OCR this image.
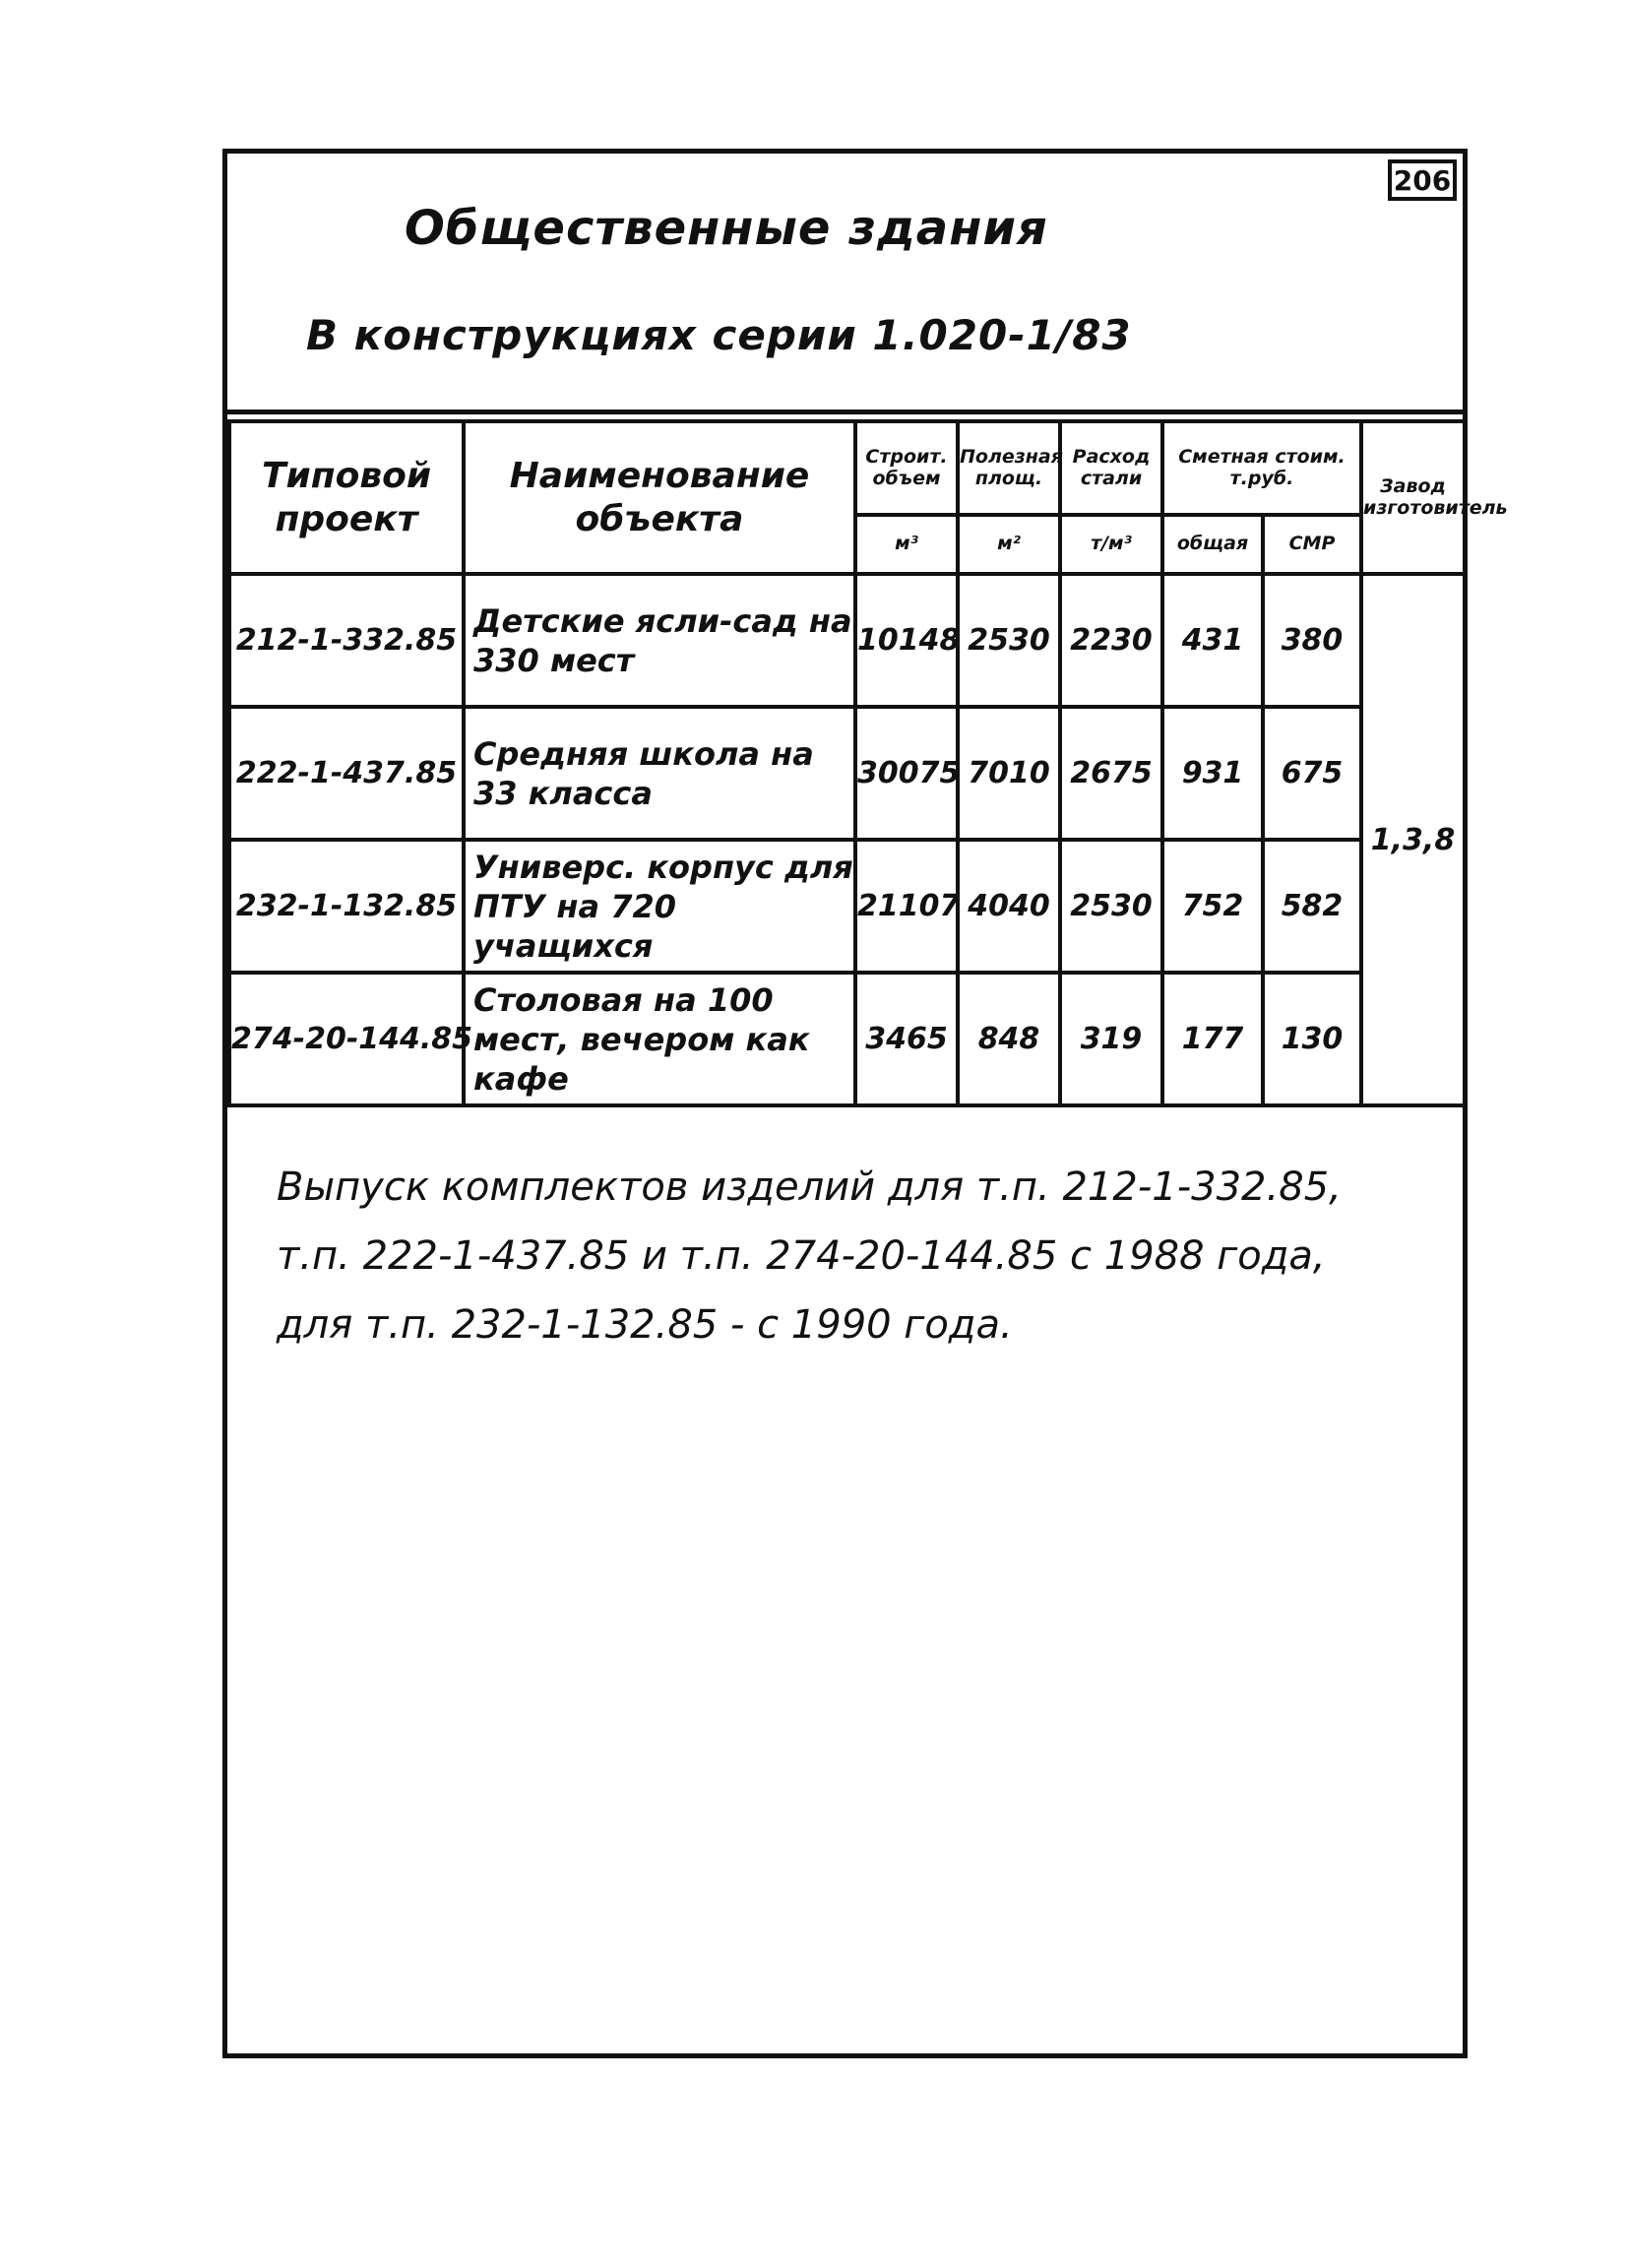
206
Общественные здания
В конструкциях серии 1.020-1/83
Типовой проект	Наименование объекта	Строит. объем	Полезная площ.	Расход стали	Сметная стоим. т.руб.		Завод изготовитель
		м³	м²	т/м³	общая	СМР	
212-1-332.85	Детские ясли-сад на 330 мест	10148	2530	2230	431	380	1,3,8
222-1-437.85	Средняя школа на 33 класса	30075	7010	2675	931	675	
232-1-132.85	Универс. корпус для ПТУ на 720 учащихся	21107	4040	2530	752	582	
274-20-144.85	Столовая на 100 мест, вечером как кафе	3465	848	319	177	130	
Выпуск комплектов изделий для т.п. 212-1-332.85,
т.п. 222-1-437.85 и т.п. 274-20-144.85 с 1988 года,
для т.п. 232-1-132.85 - с 1990 года.
